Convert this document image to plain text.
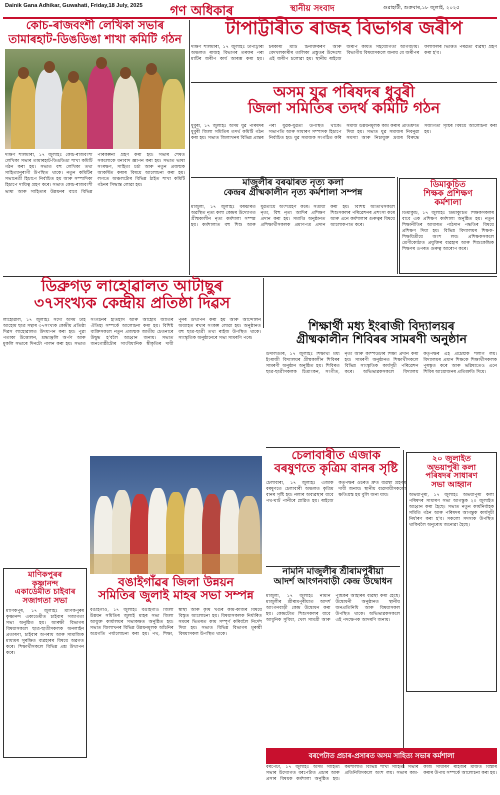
Dainik Gana Adhikar, Guwahati, Friday,18 July, 2025 গণ অধিকাৰ	স্থানীয় সংবাদ	গুৱাহাটী, শুক্ৰবাৰ,১৮ জুলাই, ২০২৫
কোচ-ৰাজবংশী লেখিকা সভাৰ
তামাৰহাট-ডিঙডিঙা শাখা কমিটি গঠন
দক্ষিণ শালমাৰা, ১৭ জুলাইঃ কোচ-ৰাজবংশী লেখিকা সভাৰ তামাৰহাট-ডিঙডিঙা শাখা কমিটি গঠন কৰা হয়। সভাত বহু লেখিকা তথা সাহিত্যানুৰাগী উপস্থিত থাকে। নতুন কমিটিৰ সভানেত্ৰী হিচাপে নিৰ্বাচিত হয় আৰু সম্পাদিকা হিচাপে দায়িত্ব গ্ৰহণ কৰে। সভাত কোচ-ৰাজবংশী ভাষা আৰু সাহিত্যৰ উন্নয়নৰ বাবে বিভিন্ন পৰিকল্পনা গ্ৰহণ কৰা হয়। সভাৰ শেষত সকলোকে ধন্যবাদ জ্ঞাপন কৰা হয়। সভাত ভাষা সংৰক্ষণ, সাহিত্য চৰ্চা আৰু নতুন প্ৰজন্মক আকৰ্ষিত কৰাৰ বিষয়ে আলোচনা কৰা হয়। লগতে অঞ্চলটোৰ বিভিন্ন ঠাইত শাখা কমিটি গঠনৰ সিদ্ধান্ত লোৱা হয়।
টাপাট্টাৰীত ৰাজহ বিভাগৰ জৰীপ
দক্ষিণ শালমাৰা, ১৭ জুলাইঃ টাপাট্টাৰী অঞ্চলত ৰাজহ বিভাগৰ তৰফৰ পৰা মাটিৰ জৰীপ কাৰ্য আৰম্ভ কৰা হয়। চৰকাৰী মাটি চিনাক্তকৰণ আৰু বেদখলকাৰীৰ তালিকা প্ৰস্তুতৰ উদ্দেশ্যে এই জৰীপ চলোৱা হয়। স্থানীয় ৰাইজে জৰীপ কাৰ্যত সহযোগিতা আগবঢ়ায়। বিভাগীয় বিষয়াসকলে জনায় যে জৰীপৰ ফলাফলৰ ভিত্তিত পৰৱৰ্তী ব্যৱস্থা গ্ৰহণ কৰা হ'ব।
অসম যুৱ পৰিষদৰ ধুবুৰী
জিলা সমিতিৰ তদৰ্থ কমিটি গঠন
ধুবুৰী, ১৭ জুলাইঃ অসম যুৱ পৰিষদৰ ধুবুৰী জিলা সমিতিৰ তদৰ্থ কমিটি গঠন কৰা হয়। সভাত জিলাখনৰ বিভিন্ন প্ৰান্তৰ পৰা যুৱক-যুৱতী উপস্থিত থাকে। সভাপতি আৰু সাধাৰণ সম্পাদক হিচাপে নিৰ্বাচিত হয়। যুৱ সমাজক সংগঠিত কৰি সমাজ উন্নয়নমূলক কাম কৰাৰ প্ৰতিশ্ৰুতি দিয়া হয়। সভাত যুৱ সমাজৰ নিবনুৱা সমস্যা আৰু নিচাযুক্ত দ্ৰব্যৰ বিৰুদ্ধে সজাগতা সৃষ্টিৰ বিষয়ে আলোচনা কৰা হয়।
মাজুলীৰ বৰঝাৰত নৃত্য কলা
কেন্দ্ৰৰ গ্ৰীষ্মকালীন নৃত্য কৰ্মশালা সম্পন্ন
মাজুলী, ১৭ জুলাইঃ বৰঝাৰত অৱস্থিত নৃত্য কলা কেন্দ্ৰৰ উদ্যোগত গ্ৰীষ্মকালীন নৃত্য কৰ্মশালা সম্পন্ন হয়। কৰ্মশালাত বহু শিশু আৰু যুৱতীয়ে অংশগ্ৰহণ কৰে। সত্ৰীয়া নৃত্য, বিহু নৃত্য আদিৰ প্ৰশিক্ষণ প্ৰদান কৰা হয়। সমাপ্তি অনুষ্ঠানত প্ৰশিক্ষাৰ্থীসকলক প্ৰমাণপত্ৰ প্ৰদান কৰা হয়। বিশিষ্ট অতিথিসকলে শিশুসকলৰ পৰিৱেশনৰ প্ৰশংসা কৰে আৰু এনে কৰ্মশালাৰ গুৰুত্বৰ বিষয়ে আলোকপাত কৰে।
ডিমাকুচিত
শিক্ষক প্ৰশিক্ষণ
কৰ্মশালা
ডিমাকুচি, ১৭ জুলাইঃ ডিমাকুচিত শিক্ষকসকলৰ বাবে এক প্ৰশিক্ষণ কৰ্মশালা অনুষ্ঠিত হয়। নতুন শিক্ষানীতিৰ আধাৰত পাঠদান পদ্ধতিৰ বিষয়ে প্ৰশিক্ষণ দিয়া হয়। বিভিন্ন বিদ্যালয়ৰ শিক্ষক-শিক্ষয়িত্ৰীয়ে অংশ লয়। প্ৰশিক্ষকসকলে শ্ৰেণীকোঠাত প্ৰযুক্তিৰ ব্যৱহাৰ আৰু শিশুকেন্দ্ৰিক শিক্ষণৰ ওপৰত গুৰুত্ব আৰোপ কৰে।
ডিব্ৰুগড় লাহোৱালত আটাছুৰ
৩৭সংখ্যক কেন্দ্ৰীয় প্ৰতিষ্ঠা দিৱস
লাহোৱাল, ১৭ জুলাইঃ সদৌ অসম টাই আহোম ছাত্ৰ সন্থাৰ ৩৭সংখ্যক কেন্দ্ৰীয় প্ৰতিষ্ঠা দিৱস লাহোৱালত উদযাপন কৰা হয়। পুৱা পতাকা উত্তোলন, শ্ৰদ্ধাঞ্জলি অৰ্পণ আৰু মুকলি সভাৰে দিনটো পালন কৰা হয়। সভাত সংগঠনৰ ইতিহাস আৰু আহোম জাতিৰ ঐতিহ্য সম্পৰ্কে আলোচনা কৰা হয়। বিশিষ্ট ব্যক্তিসকলে নতুন প্ৰজন্মক জাতীয় চেতনাৰে উদ্বুদ্ধ হ'বলৈ আহ্বান জনায়। সভাত জনগোষ্ঠীটোৰ সাংবিধানিক স্বীকৃতিৰ দাবী পুনৰ উত্থাপন কৰা হয় আৰু আন্দোলন অব্যাহত ৰখাৰ সংকল্প লোৱা হয়। অনুষ্ঠানত বহু ছাত্ৰ-ছাত্ৰী তথা ৰাইজ উপস্থিত থাকে। সাংস্কৃতিক অনুষ্ঠানেৰে সভা সামৰণি পৰে।
শিক্ষাৰ্থী মধ্য ইংৰাজী বিদ্যালয়ৰ
গ্ৰীষ্মকালীন শিবিৰৰ সামৰণী অনুষ্ঠান
উদালগুৰি, ১৭ জুলাইঃ শিক্ষাৰ্থী মধ্য ইংৰাজী বিদ্যালয়ৰ গ্ৰীষ্মকালীন শিবিৰৰ সামৰণী অনুষ্ঠান অনুষ্ঠিত হয়। শিবিৰত ছাত্ৰ-ছাত্ৰীসকলক চিত্ৰাংকন, সংগীত, নৃত্য আৰু কম্পিউটাৰ শিক্ষা প্ৰদান কৰা হয়। সামৰণী অনুষ্ঠানত শিক্ষাৰ্থীসকলে বিভিন্ন সাংস্কৃতিক কাৰ্যসূচী পৰিৱেশন কৰে। অভিভাৱকসকলে বিদ্যালয় কৰ্তৃপক্ষৰ এই প্ৰচেষ্টাক শলাগ লয়। বিদ্যালয়ৰ প্ৰধান শিক্ষকে শিক্ষাৰ্থীসকলক পুৰস্কৃত কৰে আৰু ভৱিষ্যতেও এনে শিবিৰ আয়োজনৰ প্ৰতিশ্ৰুতি দিয়ে।
চেলাবাৰীত এজাক
বৰষুণতে কৃত্ৰিম বানৰ সৃষ্টি
চেলাবাৰী, ১৭ জুলাইঃ এজাক বৰষুণতে চেলাবাৰী অঞ্চলত কৃত্ৰিম বানৰ সৃষ্টি হয়। নলাৰ অব্যৱস্থাৰ বাবে পথ-ঘাট পানীৰে প্লাৱিত হয়। ৰাইজে কৰ্তৃপক্ষৰ ওচৰত দ্ৰুত ব্যৱস্থা গ্ৰহণৰ দাবী জনায়। স্থানীয় ব্যৱসায়ীসকলো ক্ষতিগ্ৰস্ত হয় বুলি জনা যায়।
২০ জুলাইত
অভয়াপুৰী কলা
পৰিষদৰ সাধাৰণ
সভা আহ্বান
অভয়াপুৰী, ১৭ জুলাইঃ অভয়াপুৰী কলা পৰিষদৰ সাধাৰণ সভা আগন্তুক ২০ জুলাইত আহ্বান কৰা হৈছে। সভাত নতুন কাৰ্যনিৰ্বাহক সমিতি গঠন আৰু পৰিষদৰ আগন্তুক কাৰ্যসূচী নিৰ্ধাৰণ কৰা হ'ব। সকলো সদস্যক উপস্থিত থাকিবলৈ অনুৰোধ জনোৱা হৈছে।
বঙাইগাঁৱৰ জিলা উন্নয়ন
সমিতিৰ জুলাই মাহৰ সভা সম্পন্ন
বঙাইগাঁও, ১৭ জুলাইঃ বঙাইগাঁও জিলা উন্নয়ন সমিতিৰ জুলাই মাহৰ সভা জিলা আয়ুক্ত কাৰ্যালয়ৰ সভাকক্ষত অনুষ্ঠিত হয়। সভাত জিলাখনৰ বিভিন্ন উন্নয়নমূলক আঁচনিৰ অগ্ৰগতি পৰ্যালোচনা কৰা হয়। পথ, শিক্ষা, স্বাস্থ্য আৰু কৃষি খণ্ডৰ কাম-কাজৰ বিষয়ে বিস্তৃত আলোচনা হয়। বিষয়াসকলক নিৰ্ধাৰিত সময়ৰ ভিতৰত কাম সম্পূৰ্ণ কৰিবলৈ নিৰ্দেশ দিয়া হয়। সভাত বিভিন্ন বিভাগৰ মূৰব্বী বিষয়াসকল উপস্থিত থাকে।
নামনি মাজুলীৰ শ্ৰীৰামপুৰীয়া
আদৰ্শ আংগনবাড়ী কেন্দ্ৰ উদ্বোধন
মাজুলী, ১৭ জুলাইঃ নামনি মাজুলীৰ শ্ৰীৰামপুৰীয়াত আদৰ্শ আংগনবাড়ী কেন্দ্ৰ উদ্বোধন কৰা হয়। কেন্দ্ৰটোত শিশুসকলৰ বাবে আধুনিক সুবিধা, খেল সামগ্ৰী আৰু পুষ্টিকৰ আহাৰৰ ব্যৱস্থা কৰা হৈছে। উদ্বোধনী অনুষ্ঠানত স্থানীয় জনপ্ৰতিনিধি আৰু বিষয়াসকল উপস্থিত থাকে। অভিভাৱকসকলে এই পদক্ষেপক আদৰণি জনায়।
মাণিকপুৰৰ
কৃষ্ণানন্দ
একাডেমীত চাইবাৰ
সজাগতা সভা
মাণিকপুৰ, ১৭ জুলাইঃ মাণিকপুৰৰ কৃষ্ণানন্দ একাডেমীত চাইবাৰ সজাগতা সভা অনুষ্ঠিত হয়। আৰক্ষী বিভাগৰ বিষয়াসকলে ছাত্ৰ-ছাত্ৰীসকলক অনলাইন প্ৰতাৰণা, চাইবাৰ অপৰাধ আৰু সামাজিক মাধ্যমৰ সুৰক্ষিত ব্যৱহাৰৰ বিষয়ে অৱগত কৰে। শিক্ষাৰ্থীসকলে বিভিন্ন প্ৰশ্ন উত্থাপন কৰে।
বৰপেটাত প্ৰচাৰ-প্ৰসাৰত অসম সাহিত্য সভাৰ কৰ্মশালা
বৰপেটা, ১৭ জুলাইঃ অসম সাহিত্য সভাৰ উদ্যোগত বৰপেটাত প্ৰচাৰ আৰু প্ৰসাৰ বিষয়ক কৰ্মশালা অনুষ্ঠিত হয়। কৰ্মশালাত বিভিন্ন শাখা সাহিত্য সভাৰ প্ৰতিনিধিসকলে অংশ লয়। সভাৰ কাম-কাজ সাধাৰণ ৰাইজৰ মাজত বিস্তাৰ কৰাৰ উপায় সম্পৰ্কে আলোচনা কৰা হয়।
